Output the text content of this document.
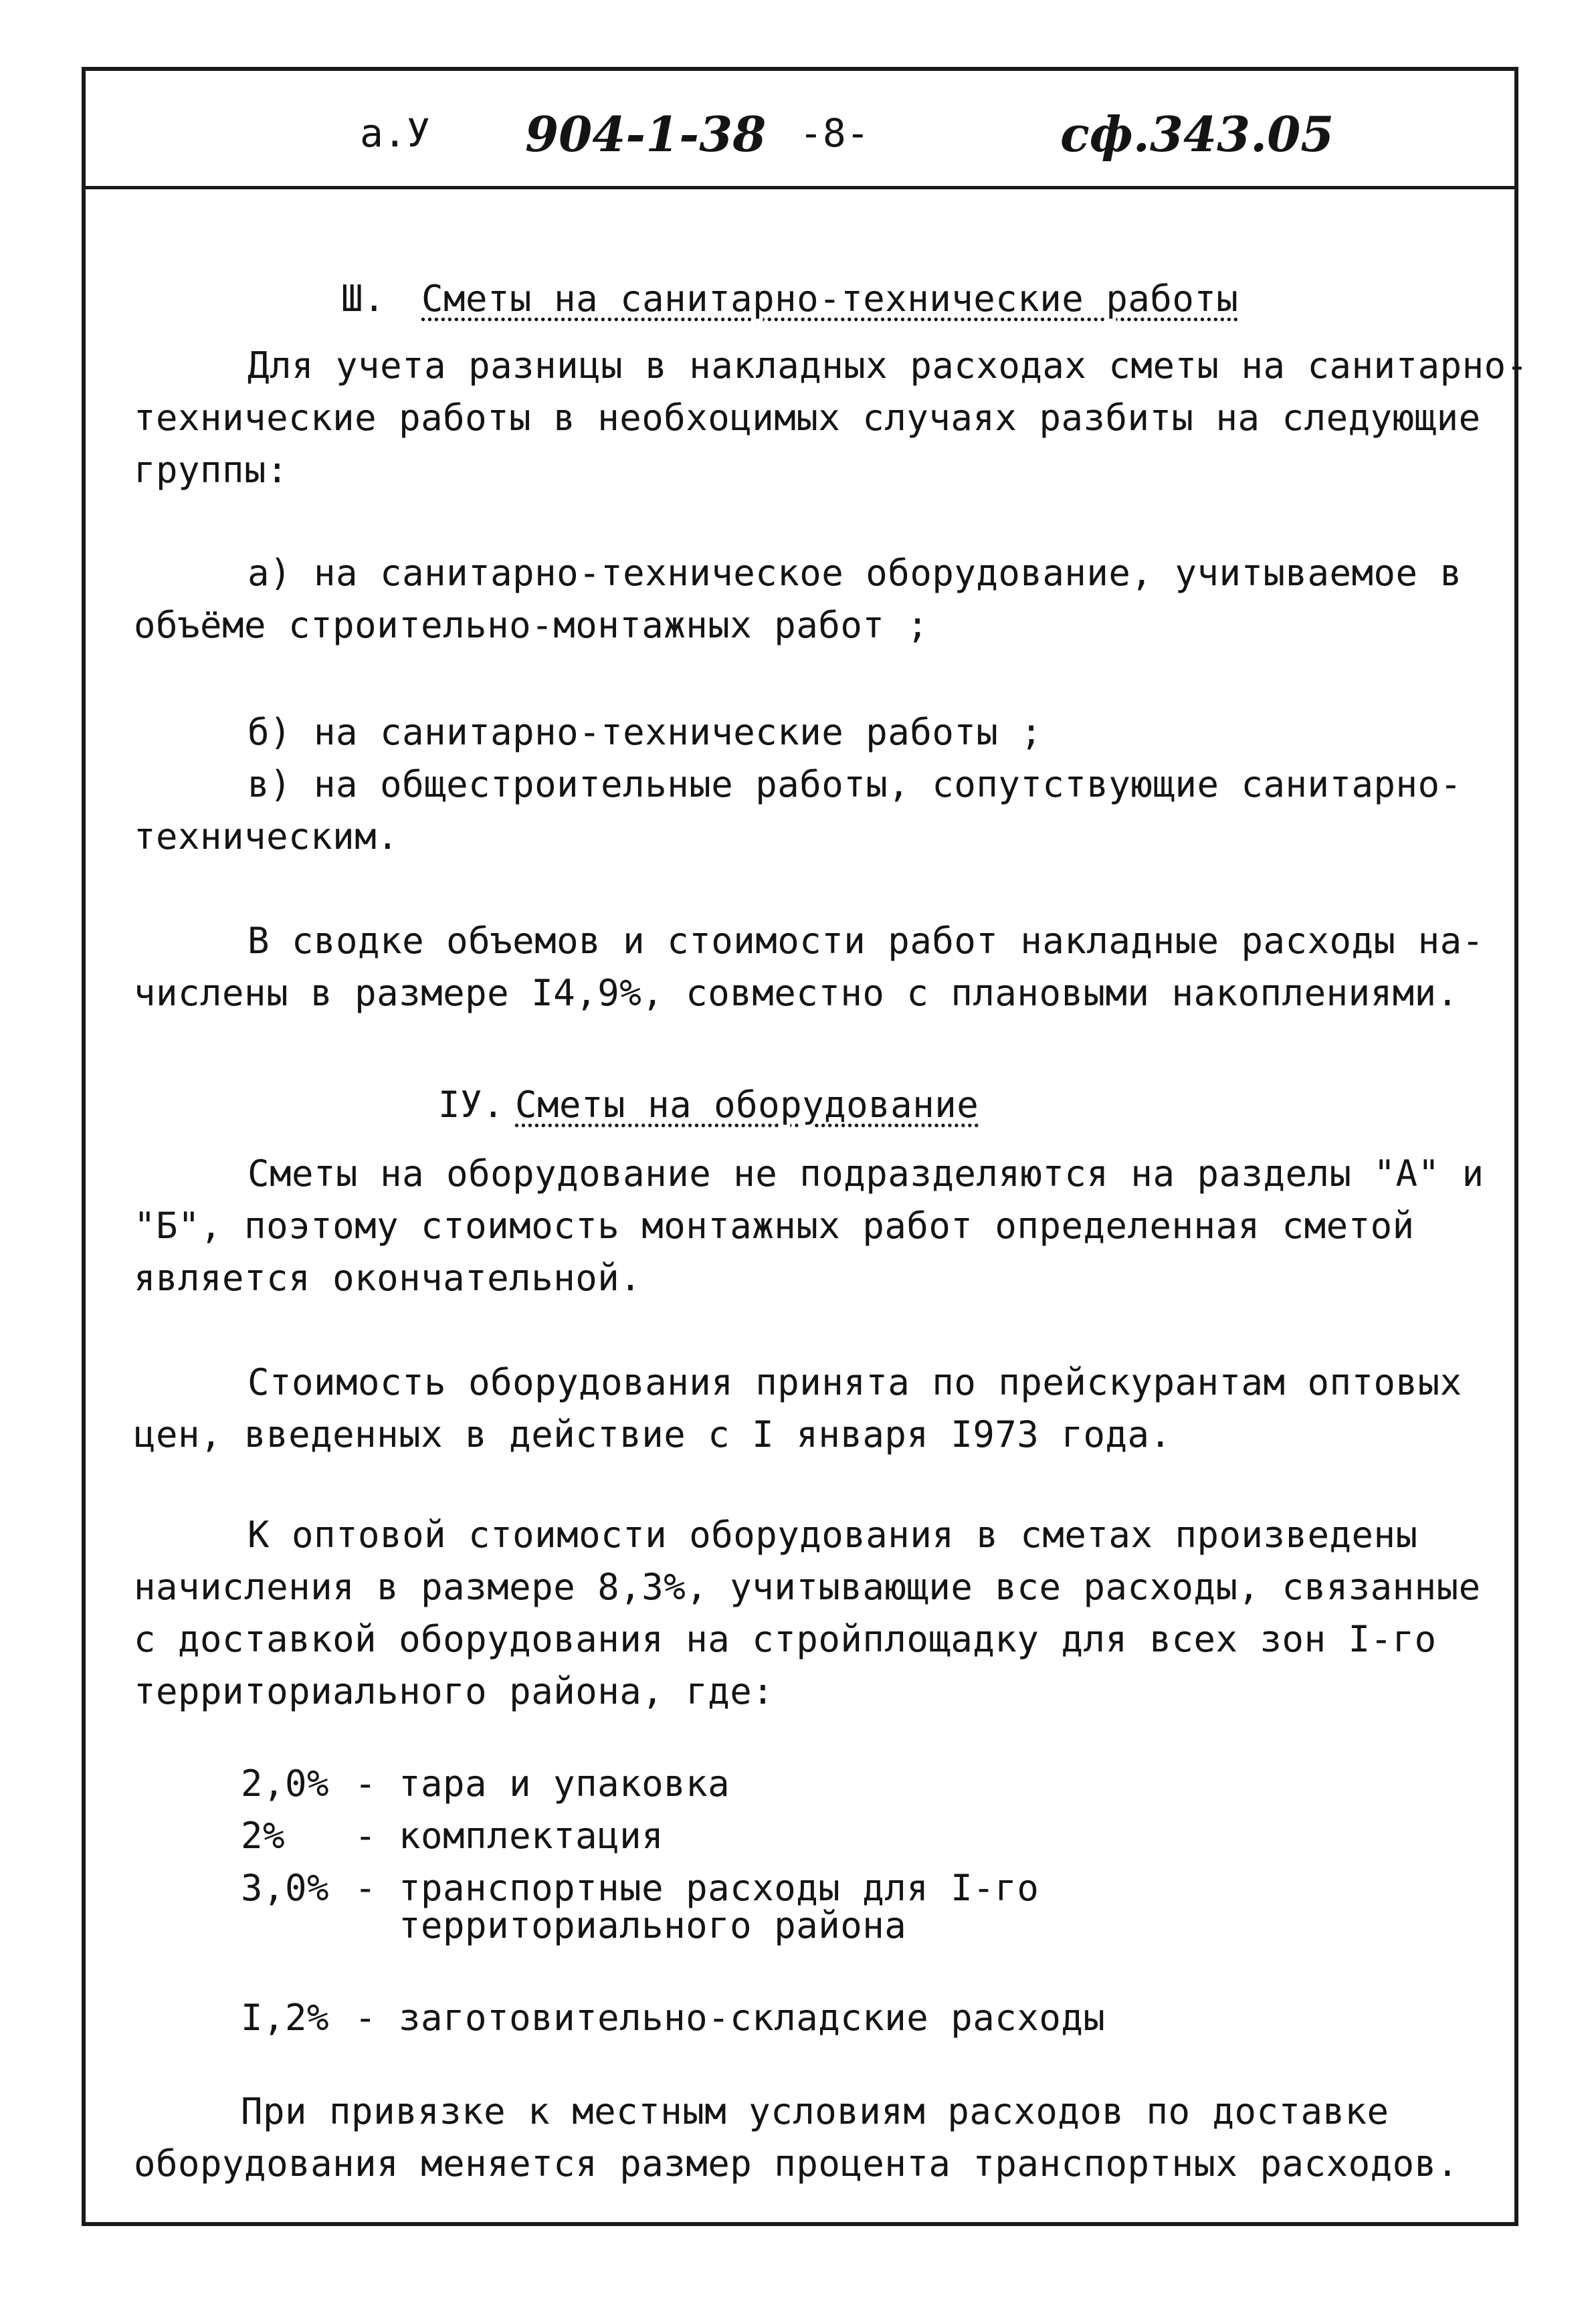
а.У 904-1-38 -8-	сф.343.05
Ш. Сметы на санитарно-технические работы
Для учета разницы в накладных расходах сметы на санитарно-
технические работы в необхоцимых случаях разбиты на следующие
группы:
а) на санитарно-техническое оборудование, учитываемое в
объёме строительно-монтажных работ ;
б) на санитарно-технические работы ;
в) на общестроительные работы, сопутствующие санитарно-
техническим.
В сводке объемов и стоимости работ накладные расходы на-
числены в размере I4,9%, совместно с плановыми накоплениями.
IУ. Сметы на оборудование
Сметы на оборудование не подразделяются на разделы "А" и
"Б", поэтому стоимость монтажных работ определенная сметой
является окончательной.
Стоимость оборудования принята по прейскурантам оптовых
цен, введенных в действие с I января I973 года.
К оптовой стоимости оборудования в сметах произведены
начисления в размере 8,3%, учитывающие все расходы, связанные
с доставкой оборудования на стройплощадку для всех зон I-го
территориального района, где:
2,0% - тара и упаковка
2% - комплектация
3,0% - транспортные расходы для I-го
территориального района
I,2% - заготовительно-складские расходы
При привязке к местным условиям расходов по доставке
оборудования меняется размер процента транспортных расходов.
